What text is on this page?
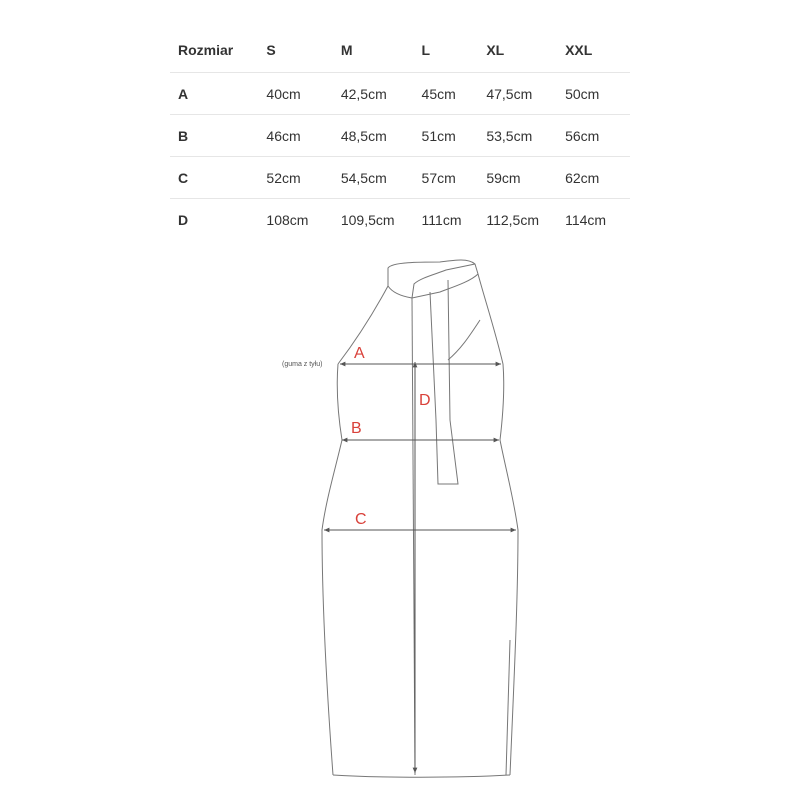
Rozmiar	S	M	L	XL	XXL
A	40cm	42,5cm	45cm	47,5cm	50cm
B	46cm	48,5cm	51cm	53,5cm	56cm
C	52cm	54,5cm	57cm	59cm	62cm
D	108cm	109,5cm	111cm	112,5cm	114cm
(guma z tyłu)
A
B
C
D
